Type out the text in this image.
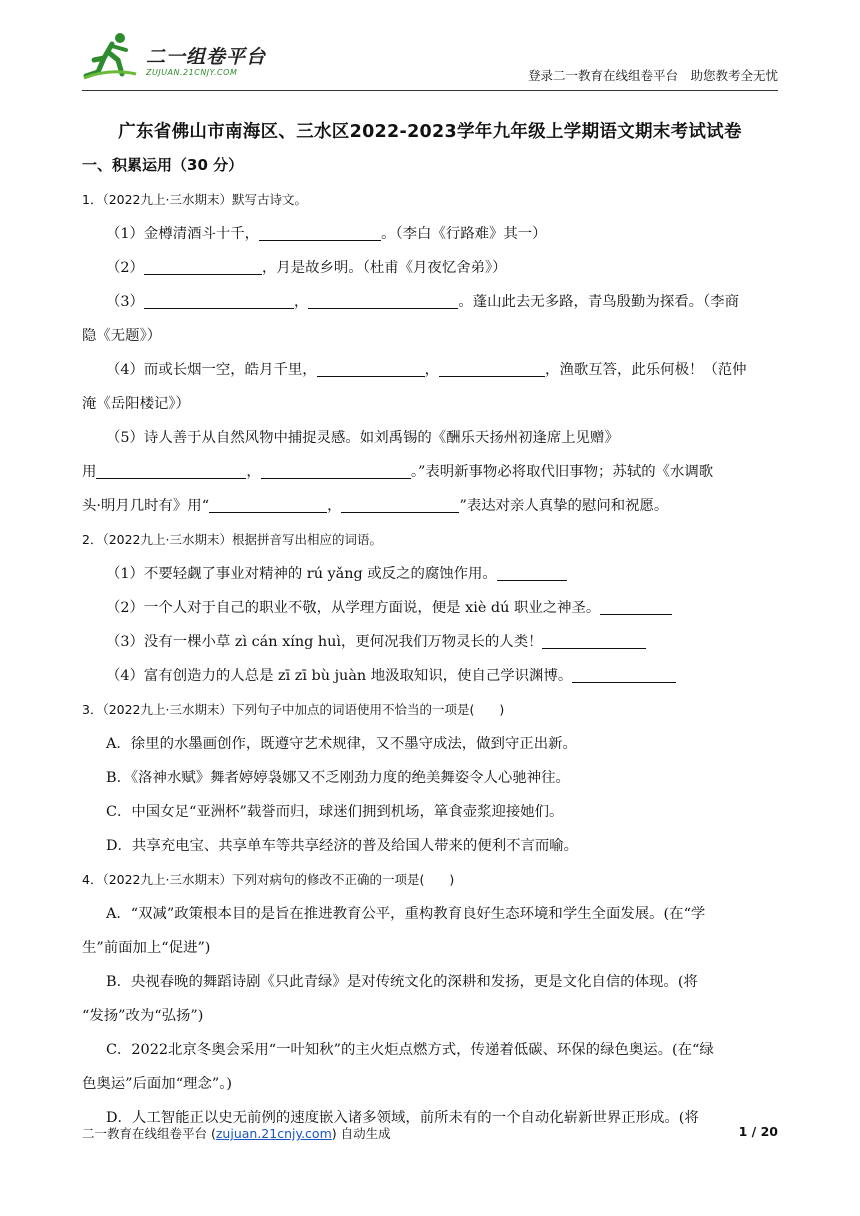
二一组卷平台
ZUJUAN.21CNJY.COM	登录二一教育在线组卷平台　助您教考全无忧
广东省佛山市南海区、三水区2022-2023学年九年级上学期语文期末考试试卷
一、积累运用（30 分）
1．（2022九上·三水期末）默写古诗文。
（1）金樽清酒斗十千，	。（李白《行路难》其一）
（2）	，月是故乡明。（杜甫《月夜忆舍弟》）
（3）	，	。蓬山此去无多路，青鸟殷勤为探看。（李商
隐《无题》）
（4）而或长烟一空，皓月千里，	，	，渔歌互答，此乐何极！（范仲
淹《岳阳楼记》）
（5）诗人善于从自然风物中捕捉灵感。如刘禹锡的《酬乐天扬州初逢席上见赠》
用	，	。”表明新事物必将取代旧事物；苏轼的《水调歌
头·明月几时有》用“	，	”表达对亲人真挚的慰问和祝愿。
2．（2022九上·三水期末）根据拼音写出相应的词语。
（1）不要轻觑了事业对精神的 rú yǎng 或反之的腐蚀作用。
（2）一个人对于自己的职业不敬，从学理方面说，便是 xiè dú 职业之神圣。
（3）没有一棵小草 zì cán xíng huì，更何况我们万物灵长的人类！
（4）富有创造力的人总是 zī zī bù juàn 地汲取知识，使自己学识渊博。
3．（2022九上·三水期末）下列句子中加点的词语使用不恰当的一项是(　　)
A．徐里的水墨画创作，既遵守艺术规律，又不墨守成法，做到守正出新。
B．《洛神水赋》舞者婷婷袅娜又不乏刚劲力度的绝美舞姿令人心驰神往。
C．中国女足“亚洲杯”载誉而归，球迷们拥到机场，箪食壶浆迎接她们。
D．共享充电宝、共享单车等共享经济的普及给国人带来的便利不言而喻。
4．（2022九上·三水期末）下列对病句的修改不正确的一项是(　　)
A．“双减”政策根本目的是旨在推进教育公平，重构教育良好生态环境和学生全面发展。(在“学
生”前面加上“促进”)
B．央视春晚的舞蹈诗剧《只此青绿》是对传统文化的深耕和发扬，更是文化自信的体现。(将
“发扬”改为“弘扬”)
C．2022北京冬奥会采用“一叶知秋”的主火炬点燃方式，传递着低碳、环保的绿色奥运。(在“绿
色奥运”后面加“理念”。)
D．人工智能正以史无前例的速度嵌入诸多领域，前所未有的一个自动化崭新世界正形成。(将
二一教育在线组卷平台 (zujuan.21cnjy.com) 自动生成	1 / 20
